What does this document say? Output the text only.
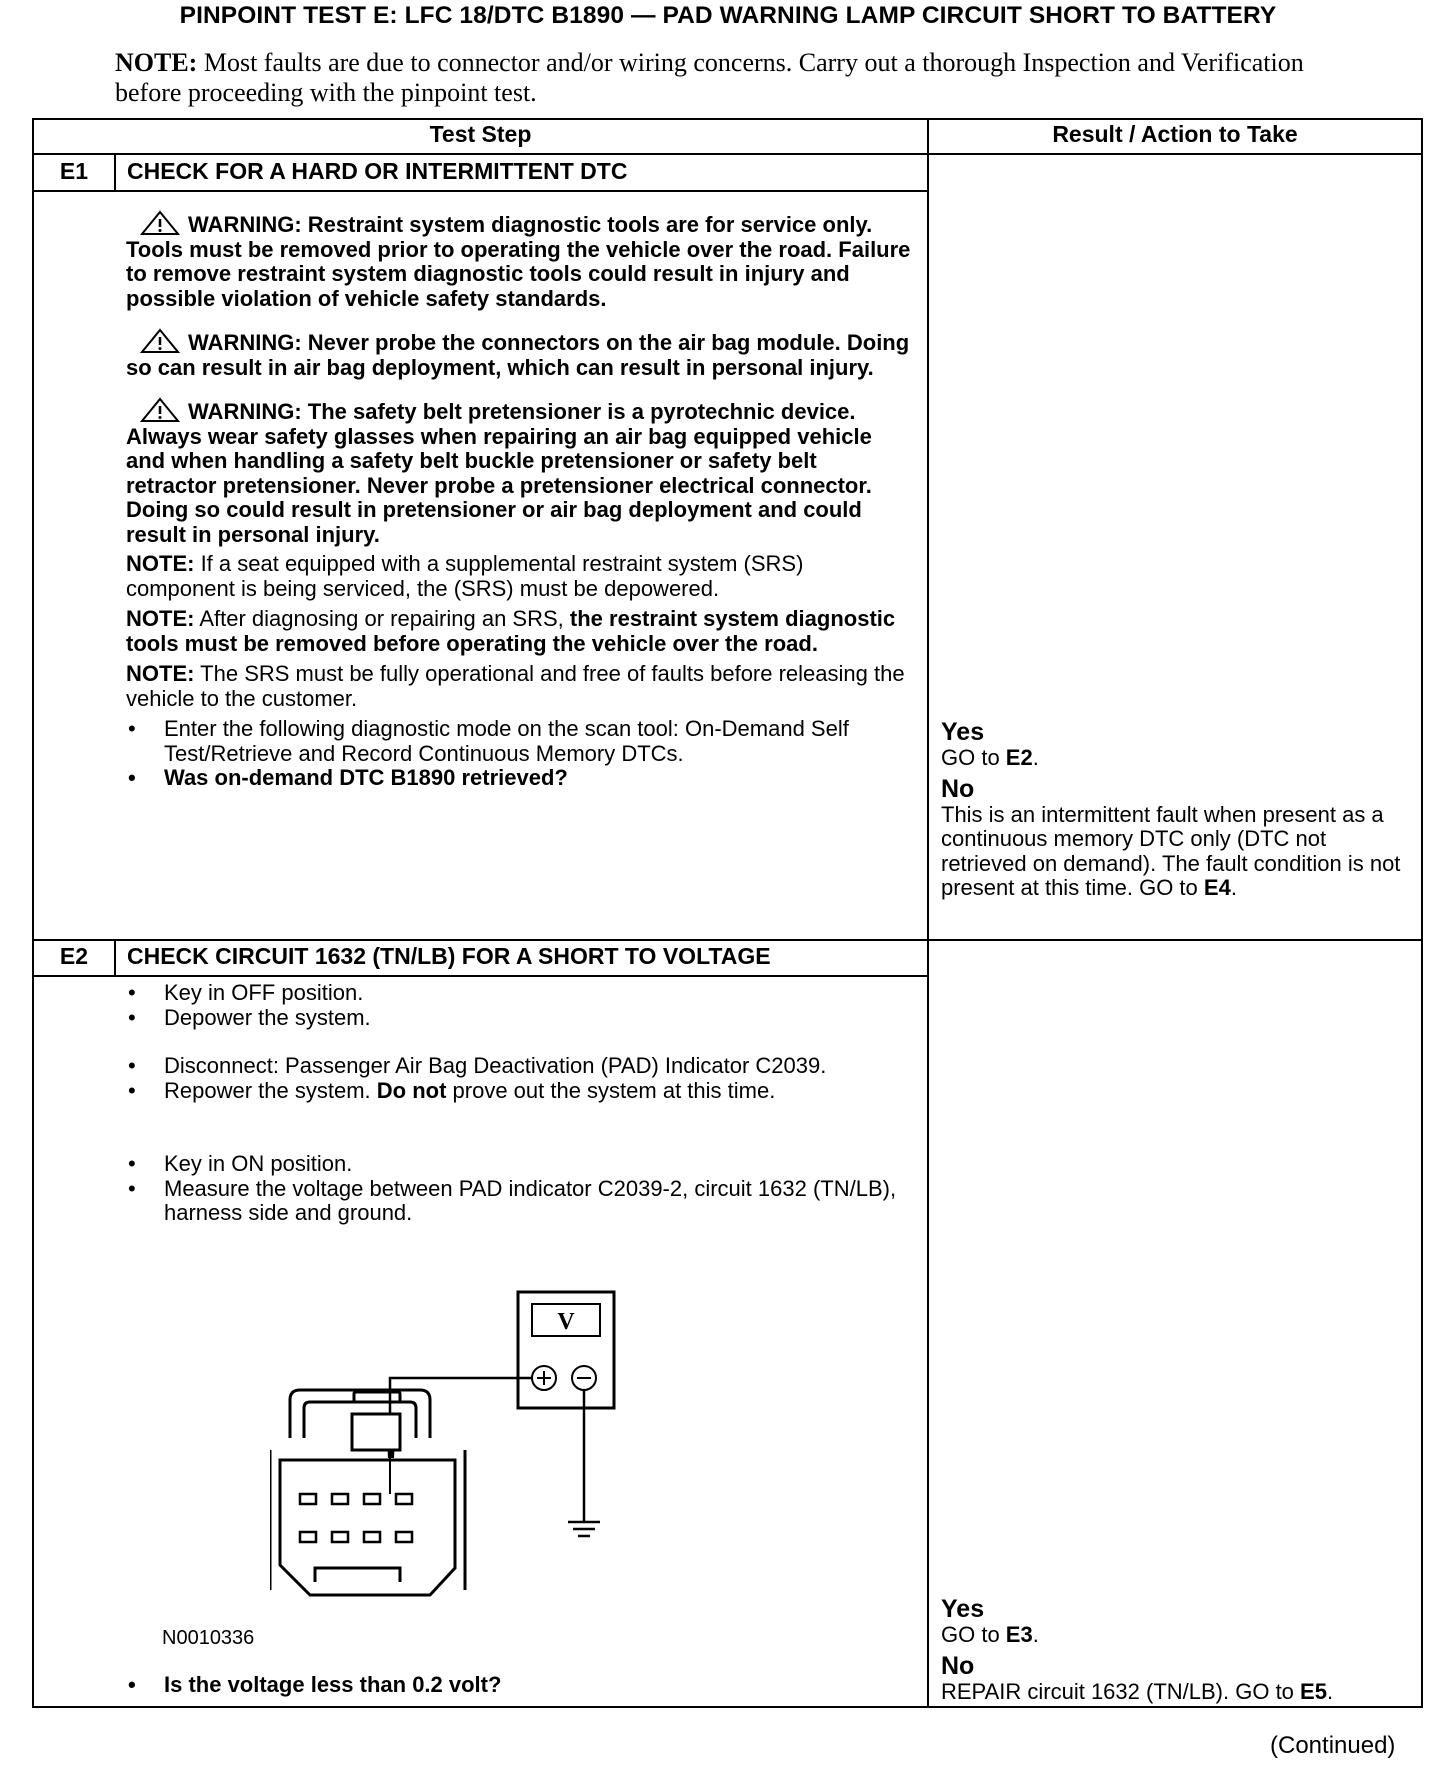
PINPOINT TEST E: LFC 18/DTC B1890 — PAD WARNING LAMP CIRCUIT SHORT TO BATTERY
NOTE: Most faults are due to connector and/or wiring concerns. Carry out a thorough Inspection and Verification before proceeding with the pinpoint test.
Test Step	Result / Action to Take
E1	CHECK FOR A HARD OR INTERMITTENT DTC
WARNING: Restraint system diagnostic tools are for service only. Tools must be removed prior to operating the vehicle over the road. Failure to remove restraint system diagnostic tools could result in injury and possible violation of vehicle safety standards.
WARNING: Never probe the connectors on the air bag module. Doing so can result in air bag deployment, which can result in personal injury.
WARNING: The safety belt pretensioner is a pyrotechnic device. Always wear safety glasses when repairing an air bag equipped vehicle and when handling a safety belt buckle pretensioner or safety belt retractor pretensioner. Never probe a pretensioner electrical connector. Doing so could result in pretensioner or air bag deployment and could result in personal injury.
NOTE: If a seat equipped with a supplemental restraint system (SRS) component is being serviced, the (SRS) must be depowered.
NOTE: After diagnosing or repairing an SRS, the restraint system diagnostic tools must be removed before operating the vehicle over the road.
NOTE: The SRS must be fully operational and free of faults before releasing the vehicle to the customer.
• Enter the following diagnostic mode on the scan tool: On-Demand Self Test/Retrieve and Record Continuous Memory DTCs.
• Was on-demand DTC B1890 retrieved?
Yes
GO to E2.
No
This is an intermittent fault when present as a continuous memory DTC only (DTC not retrieved on demand). The fault condition is not present at this time. GO to E4.
E2	CHECK CIRCUIT 1632 (TN/LB) FOR A SHORT TO VOLTAGE
• Key in OFF position.
• Depower the system.
• Disconnect: Passenger Air Bag Deactivation (PAD) Indicator C2039.
• Repower the system. Do not prove out the system at this time.
• Key in ON position.
• Measure the voltage between PAD indicator C2039-2, circuit 1632 (TN/LB), harness side and ground.
V
N0010336
• Is the voltage less than 0.2 volt?
Yes
GO to E3.
No
REPAIR circuit 1632 (TN/LB). GO to E5.
(Continued)
